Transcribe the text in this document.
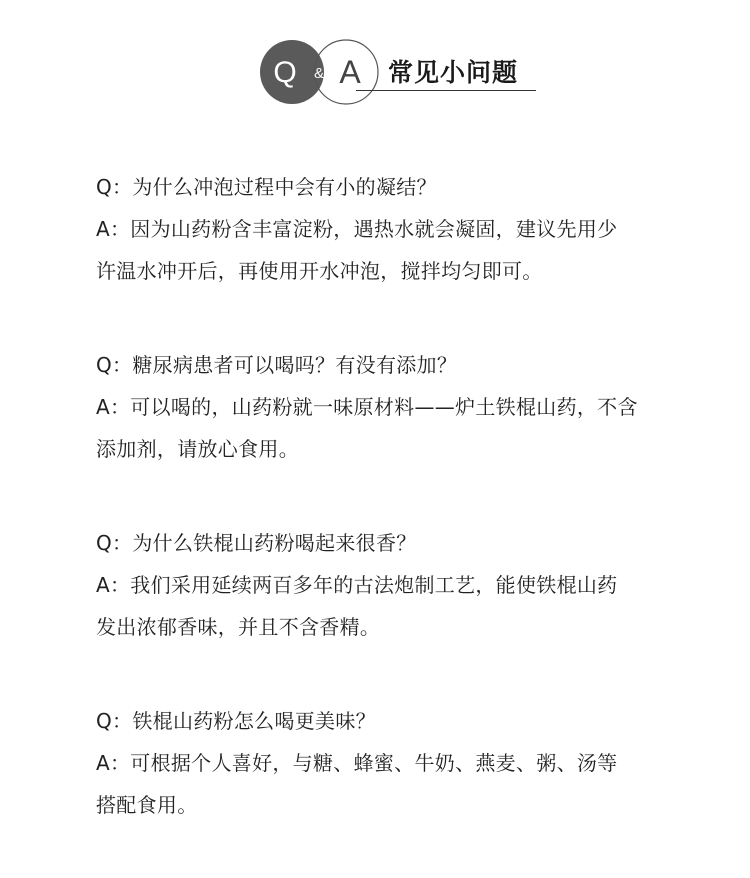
Q & A 常见小问题
Q：为什么冲泡过程中会有小的凝结？
A：因为山药粉含丰富淀粉，遇热水就会凝固，建议先用少
许温水冲开后，再使用开水冲泡，搅拌均匀即可。
Q：糖尿病患者可以喝吗？有没有添加？
A：可以喝的，山药粉就一味原材料——炉土铁棍山药，不含
添加剂，请放心食用。
Q：为什么铁棍山药粉喝起来很香？
A：我们采用延续两百多年的古法炮制工艺，能使铁棍山药
发出浓郁香味，并且不含香精。
Q：铁棍山药粉怎么喝更美味？
A：可根据个人喜好，与糖、蜂蜜、牛奶、燕麦、粥、汤等
搭配食用。
